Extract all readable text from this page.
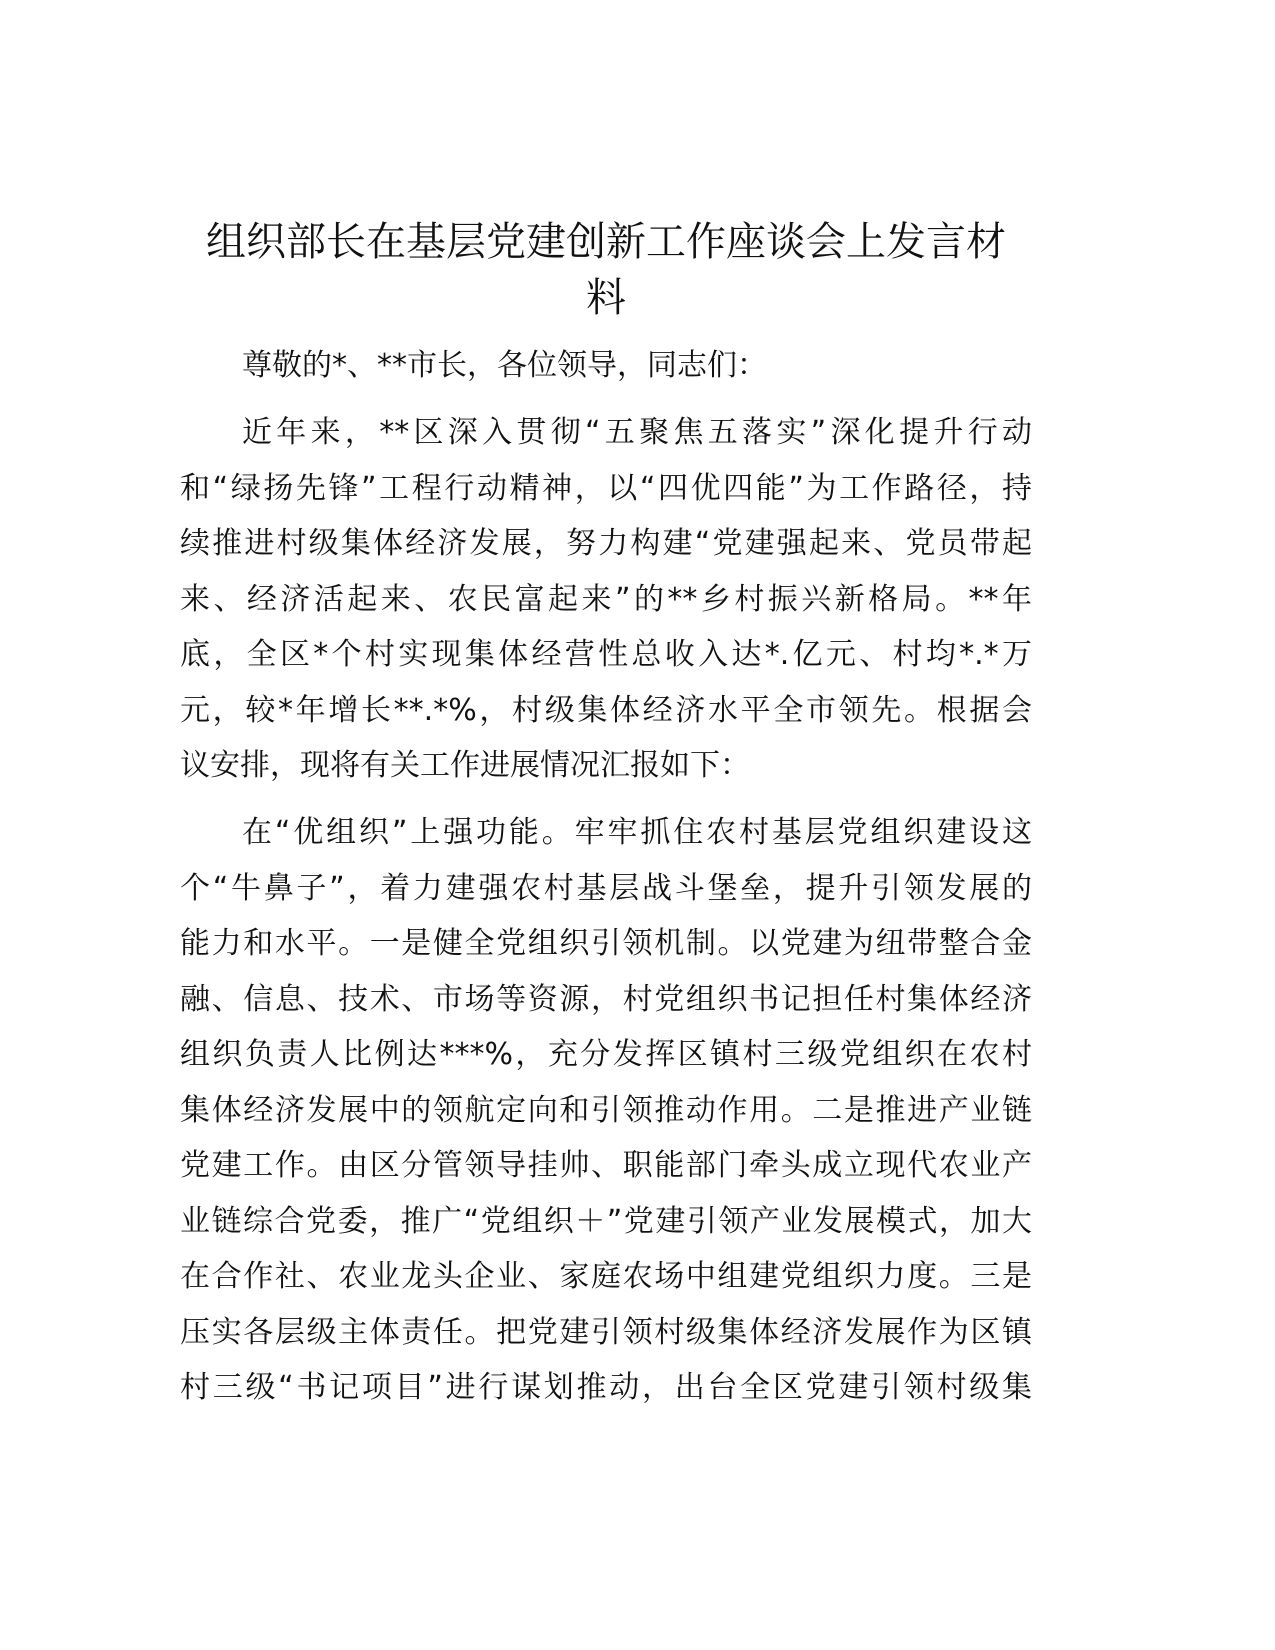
组织部长在基层党建创新工作座谈会上发言材
料
尊敬的*、**市长，各位领导，同志们：
近年来，**区深入贯彻“五聚焦五落实”深化提升行动
和“绿扬先锋”工程行动精神，以“四优四能”为工作路径，持
续推进村级集体经济发展，努力构建“党建强起来、党员带起
来、经济活起来、农民富起来”的**乡村振兴新格局。**年
底，全区*个村实现集体经营性总收入达*.亿元、村均*.*万
元，较*年增长**.*%，村级集体经济水平全市领先。根据会
议安排，现将有关工作进展情况汇报如下：
在“优组织”上强功能。牢牢抓住农村基层党组织建设这
个“牛鼻子”，着力建强农村基层战斗堡垒，提升引领发展的
能力和水平。一是健全党组织引领机制。以党建为纽带整合金
融、信息、技术、市场等资源，村党组织书记担任村集体经济
组织负责人比例达***%，充分发挥区镇村三级党组织在农村
集体经济发展中的领航定向和引领推动作用。二是推进产业链
党建工作。由区分管领导挂帅、职能部门牵头成立现代农业产
业链综合党委，推广“党组织＋”党建引领产业发展模式，加大
在合作社、农业龙头企业、家庭农场中组建党组织力度。三是
压实各层级主体责任。把党建引领村级集体经济发展作为区镇
村三级“书记项目”进行谋划推动，出台全区党建引领村级集
